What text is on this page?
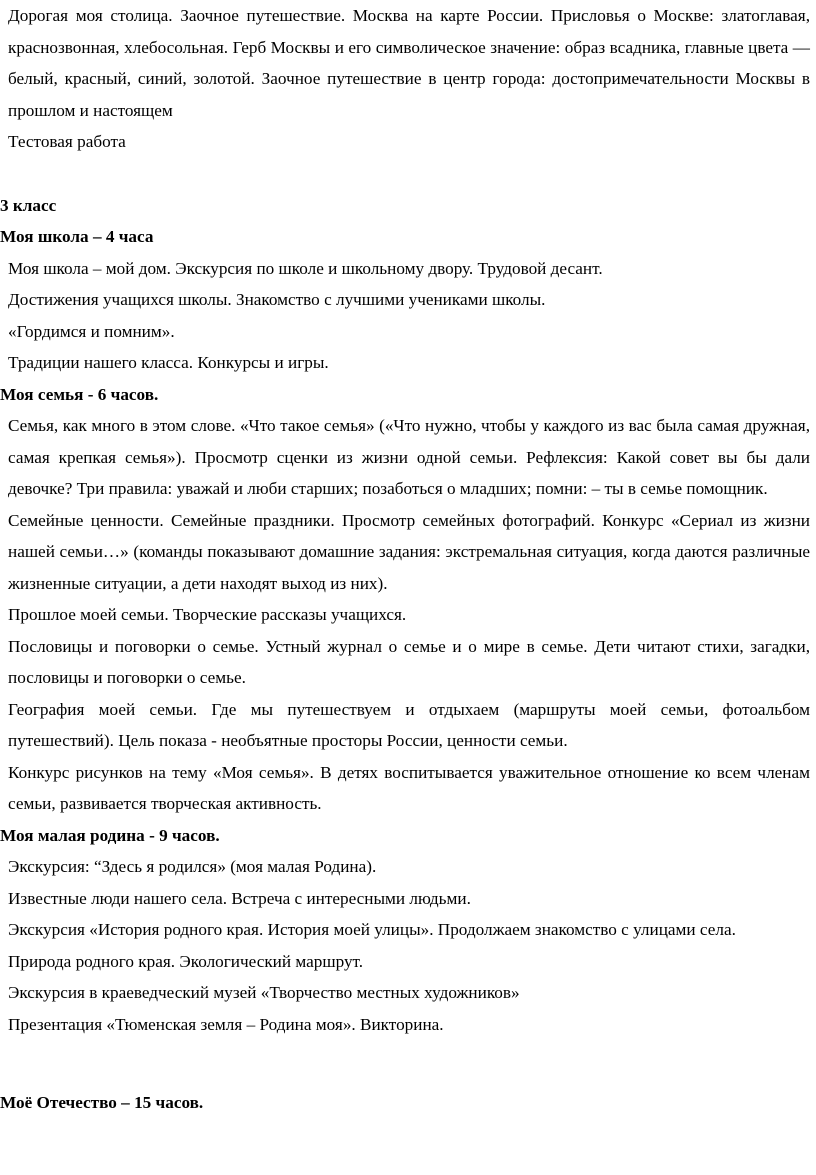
Дорогая моя столица. Заочное путешествие. Москва на карте России. Присловья о Москве: златоглавая, краснозвонная, хлебосольная. Герб Москвы и его символическое значение: образ всадника, главные цвета — белый, красный, синий, золотой. Заочное путешествие в центр города: достопримечательности Москвы в прошлом и настоящем

Тестовая работа

3 класс

Моя школа – 4 часа

Моя школа – мой дом. Экскурсия по школе и школьному двору. Трудовой десант.

Достижения учащихся школы. Знакомство с лучшими учениками школы.

«Гордимся и помним».

Традиции нашего класса. Конкурсы и игры.

Моя семья - 6 часов.

Семья, как много в этом слове. «Что такое семья» («Что нужно, чтобы у каждого из вас была самая дружная, самая крепкая семья»). Просмотр сценки из жизни одной семьи. Рефлексия: Какой совет вы бы дали девочке? Три правила: уважай и люби старших; позаботься о младших; помни: – ты в семье помощник.

Семейные ценности. Семейные праздники. Просмотр семейных фотографий. Конкурс «Сериал из жизни нашей семьи…» (команды показывают домашние задания: экстремальная ситуация, когда даются различные жизненные ситуации, а дети находят выход из них).

Прошлое моей семьи. Творческие рассказы учащихся.

Пословицы и поговорки о семье. Устный журнал о семье и о мире в семье. Дети читают стихи, загадки, пословицы и поговорки о семье.

География моей семьи. Где мы путешествуем и отдыхаем (маршруты моей семьи, фотоальбом путешествий). Цель показа - необъятные просторы России, ценности семьи.

Конкурс рисунков на тему «Моя семья». В детях воспитывается уважительное отношение ко всем членам семьи, развивается творческая активность.

Моя малая родина - 9 часов.

Экскурсия: “Здесь я родился» (моя малая Родина).

Известные люди нашего села. Встреча с интересными людьми.

Экскурсия «История родного края. История моей улицы». Продолжаем знакомство с улицами села.

Природа родного края. Экологический маршрут.

Экскурсия в краеведческий музей «Творчество местных художников»

Презентация «Тюменская земля – Родина моя». Викторина.

Моё Отечество – 15 часов.
